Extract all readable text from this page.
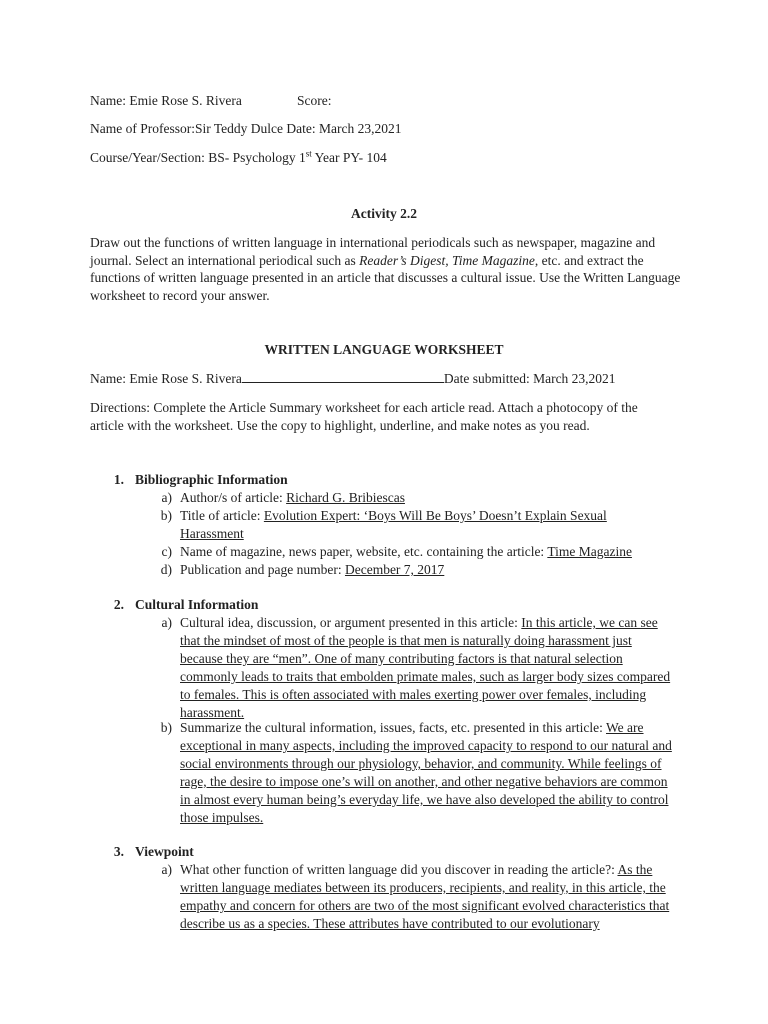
Name: Emie Rose S. Rivera	Score:
Name of Professor:Sir Teddy Dulce Date: March 23,2021
Course/Year/Section: BS- Psychology 1st Year PY- 104
Activity 2.2
Draw out the functions of written language in international periodicals such as newspaper, magazine and journal. Select an international periodical such as Reader’s Digest, Time Magazine, etc. and extract the functions of written language presented in an article that discusses a cultural issue. Use the Written Language worksheet to record your answer.
WRITTEN LANGUAGE WORKSHEET
Name: Emie Rose S. Rivera	Date submitted: March 23,2021
Directions: Complete the Article Summary worksheet for each article read. Attach a photocopy of the article with the worksheet. Use the copy to highlight, underline, and make notes as you read.
1. Bibliographic Information
a) Author/s of article: Richard G. Bribiescas
b) Title of article: Evolution Expert: ‘Boys Will Be Boys’ Doesn’t Explain Sexual Harassment
c) Name of magazine, news paper, website, etc. containing the article: Time Magazine
d) Publication and page number: December 7, 2017
2. Cultural Information
a) Cultural idea, discussion, or argument presented in this article: In this article, we can see that the mindset of most of the people is that men is naturally doing harassment just because they are “men”. One of many contributing factors is that natural selection commonly leads to traits that embolden primate males, such as larger body sizes compared to females. This is often associated with males exerting power over females, including harassment.
b) Summarize the cultural information, issues, facts, etc. presented in this article: We are exceptional in many aspects, including the improved capacity to respond to our natural and social environments through our physiology, behavior, and community. While feelings of rage, the desire to impose one’s will on another, and other negative behaviors are common in almost every human being’s everyday life, we have also developed the ability to control those impulses.
3. Viewpoint
a) What other function of written language did you discover in reading the article?: As the written language mediates between its producers, recipients, and reality, in this article, the empathy and concern for others are two of the most significant evolved characteristics that describe us as a species. These attributes have contributed to our evolutionary
